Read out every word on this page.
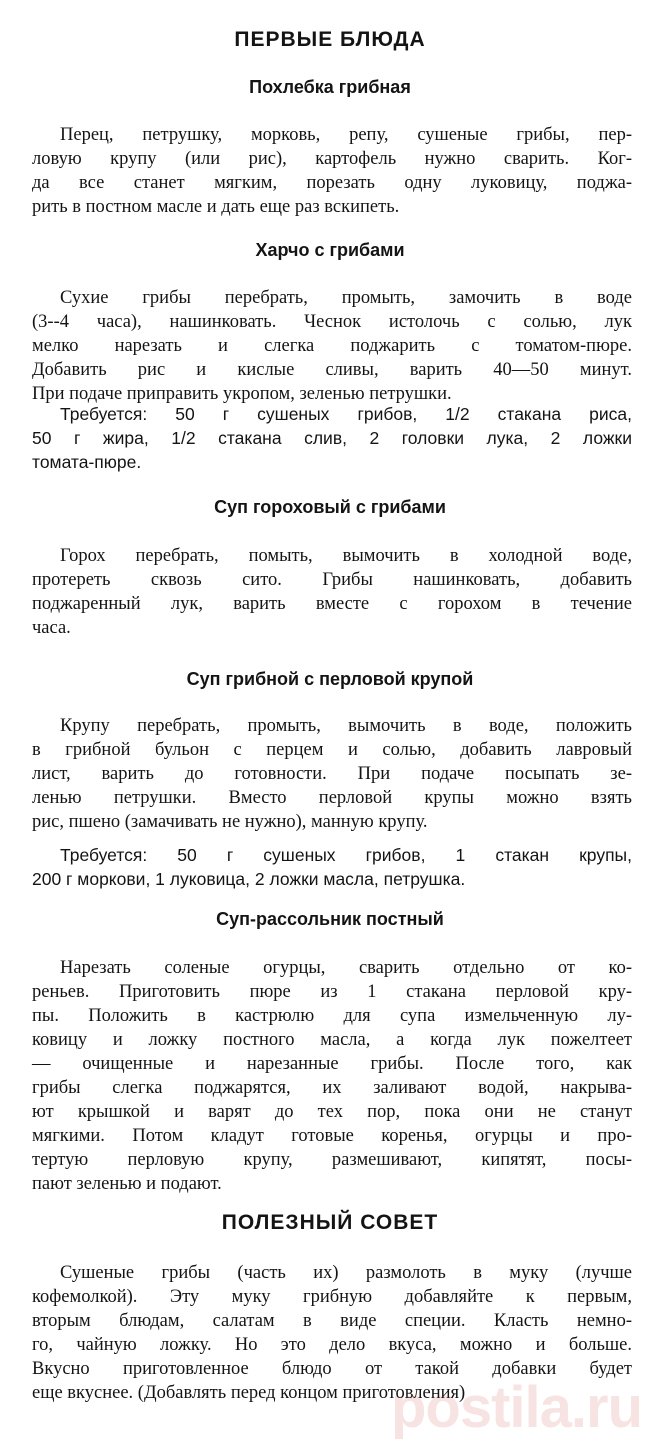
ПЕРВЫЕ БЛЮДА
Похлебка грибная
Перец, петрушку, морковь, репу, сушеные грибы, пер-
ловую крупу (или рис), картофель нужно сварить. Ког-
да все станет мягким, порезать одну луковицу, поджа-
рить в постном масле и дать еще раз вскипеть.
Харчо с грибами
Сухие грибы перебрать, промыть, замочить в воде
(3--4 часа), нашинковать. Чеснок истолочь с солью, лук
мелко нарезать и слегка поджарить с томатом-пюре.
Добавить рис и кислые сливы, варить 40—50 минут.
При подаче приправить укропом, зеленью петрушки.
Требуется: 50 г сушеных грибов, 1/2 стакана риса,
50 г жира, 1/2 стакана слив, 2 головки лука, 2 ложки
томата-пюре.
Суп гороховый с грибами
Горох перебрать, помыть, вымочить в холодной воде,
протереть сквозь сито. Грибы нашинковать, добавить
поджаренный лук, варить вместе с горохом в течение
часа.
Суп грибной с перловой крупой
Крупу перебрать, промыть, вымочить в воде, положить
в грибной бульон с перцем и солью, добавить лавровый
лист, варить до готовности. При подаче посыпать зе-
ленью петрушки. Вместо перловой крупы можно взять
рис, пшено (замачивать не нужно), манную крупу.
Требуется: 50 г сушеных грибов, 1 стакан крупы,
200 г моркови, 1 луковица, 2 ложки масла, петрушка.
Суп-рассольник постный
Нарезать соленые огурцы, сварить отдельно от ко-
реньев. Приготовить пюре из 1 стакана перловой кру-
пы. Положить в кастрюлю для супа измельченную лу-
ковицу и ложку постного масла, а когда лук пожелтеет
— очищенные и нарезанные грибы. После того, как
грибы слегка поджарятся, их заливают водой, накрыва-
ют крышкой и варят до тех пор, пока они не станут
мягкими. Потом кладут готовые коренья, огурцы и про-
тертую перловую крупу, размешивают, кипятят, посы-
пают зеленью и подают.
ПОЛЕЗНЫЙ СОВЕТ
Сушеные грибы (часть их) размолоть в муку (лучше
кофемолкой). Эту муку грибную добавляйте к первым,
вторым блюдам, салатам в виде специи. Класть немно-
го, чайную ложку. Но это дело вкуса, можно и больше.
Вкусно приготовленное блюдо от такой добавки будет
еще вкуснее. (Добавлять перед концом приготовления)
postila.ru
